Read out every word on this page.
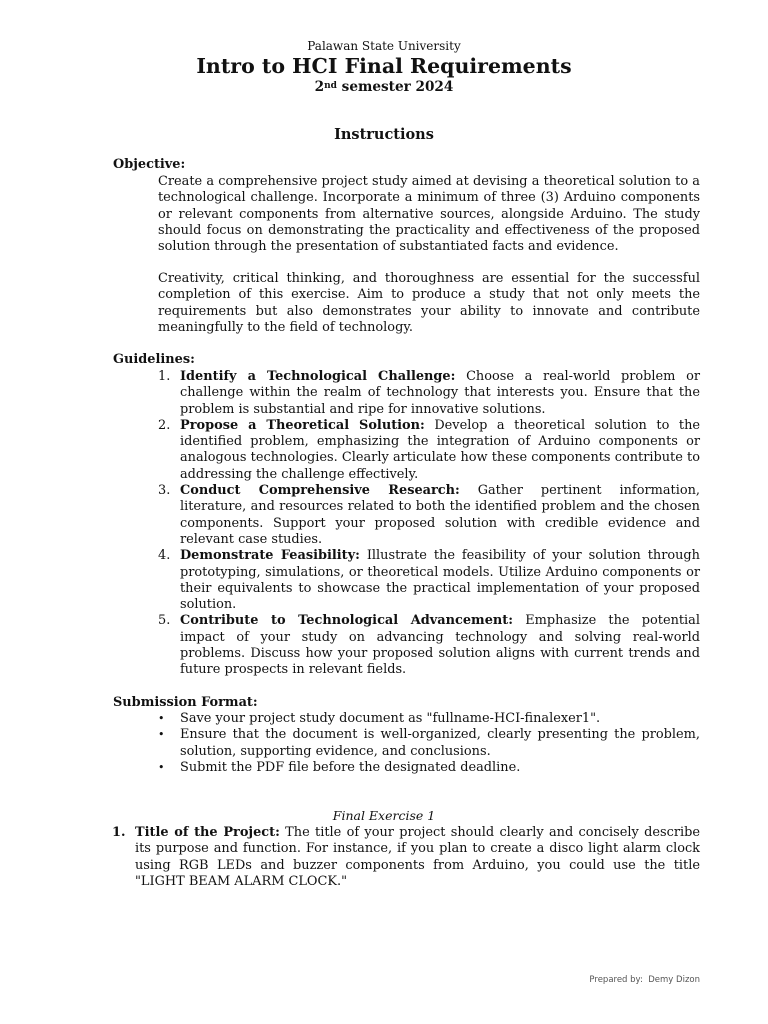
Palawan State University
Intro to HCI Final Requirements
2nd semester 2024
Instructions
Objective:

Create a comprehensive project study aimed at devising a theoretical solution to a technological challenge. Incorporate a minimum of three (3) Arduino components or relevant components from alternative sources, alongside Arduino. The study should focus on demonstrating the practicality and effectiveness of the proposed solution through the presentation of substantiated facts and evidence.

Creativity, critical thinking, and thoroughness are essential for the successful completion of this exercise. Aim to produce a study that not only meets the requirements but also demonstrates your ability to innovate and contribute meaningfully to the field of technology.

Guidelines:
1. Identify a Technological Challenge: Choose a real-world problem or challenge within the realm of technology that interests you. Ensure that the problem is substantial and ripe for innovative solutions.
2. Propose a Theoretical Solution: Develop a theoretical solution to the identified problem, emphasizing the integration of Arduino components or analogous technologies. Clearly articulate how these components contribute to addressing the challenge effectively.
3. Conduct Comprehensive Research: Gather pertinent information, literature, and resources related to both the identified problem and the chosen components. Support your proposed solution with credible evidence and relevant case studies.
4. Demonstrate Feasibility: Illustrate the feasibility of your solution through prototyping, simulations, or theoretical models. Utilize Arduino components or their equivalents to showcase the practical implementation of your proposed solution.
5. Contribute to Technological Advancement: Emphasize the potential impact of your study on advancing technology and solving real-world problems. Discuss how your proposed solution aligns with current trends and future prospects in relevant fields.
Submission Format:
• Save your project study document as "fullname-HCI-finalexer1".
• Ensure that the document is well-organized, clearly presenting the problem, solution, supporting evidence, and conclusions.
• Submit the PDF file before the designated deadline.
Final Exercise 1
1. Title of the Project: The title of your project should clearly and concisely describe its purpose and function. For instance, if you plan to create a disco light alarm clock using RGB LEDs and buzzer components from Arduino, you could use the title "LIGHT BEAM ALARM CLOCK."

Prepared by: Demy Dizon
